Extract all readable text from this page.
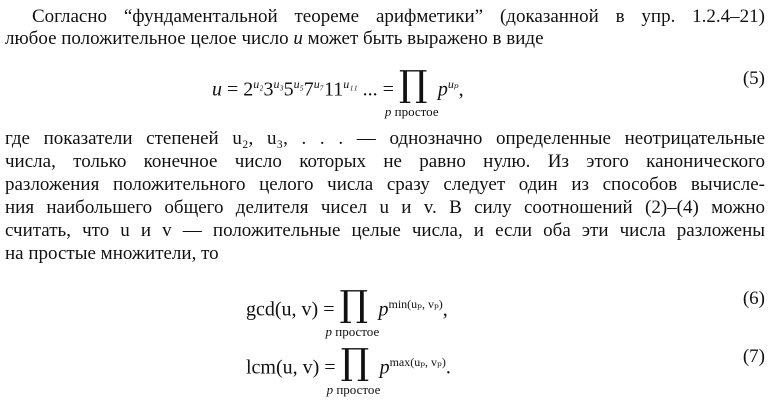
Согласно “фундаментальной теореме арифметики” (доказанной в упр. 1.2.4–21)
любое положительное целое число u может быть выражено в виде
$u = 2^{u_2}3^{u_3}5^{u_5}7^{u_7}11^{u_{11}}$ ... = ∏
p простое
$p^{u_p}$,
(5)
где показатели степеней u₂, u₃, . . . — однозначно определенные неотрицательные
числа, только конечное число которых не равно нулю. Из этого канонического
разложения положительного целого числа сразу следует один из способов вычисле-
ния наибольшего общего делителя чисел u и v. В силу соотношений (2)–(4) можно
считать, что u и v — положительные целые числа, и если оба эти числа разложены
на простые множители, то
gcd(u, v) = ∏
p простое
$p^{min(u_p, v_p)}$,
(6)
lcm(u, v) = ∏
p простое
$p^{max(u_p, v_p)}$.
(7)
